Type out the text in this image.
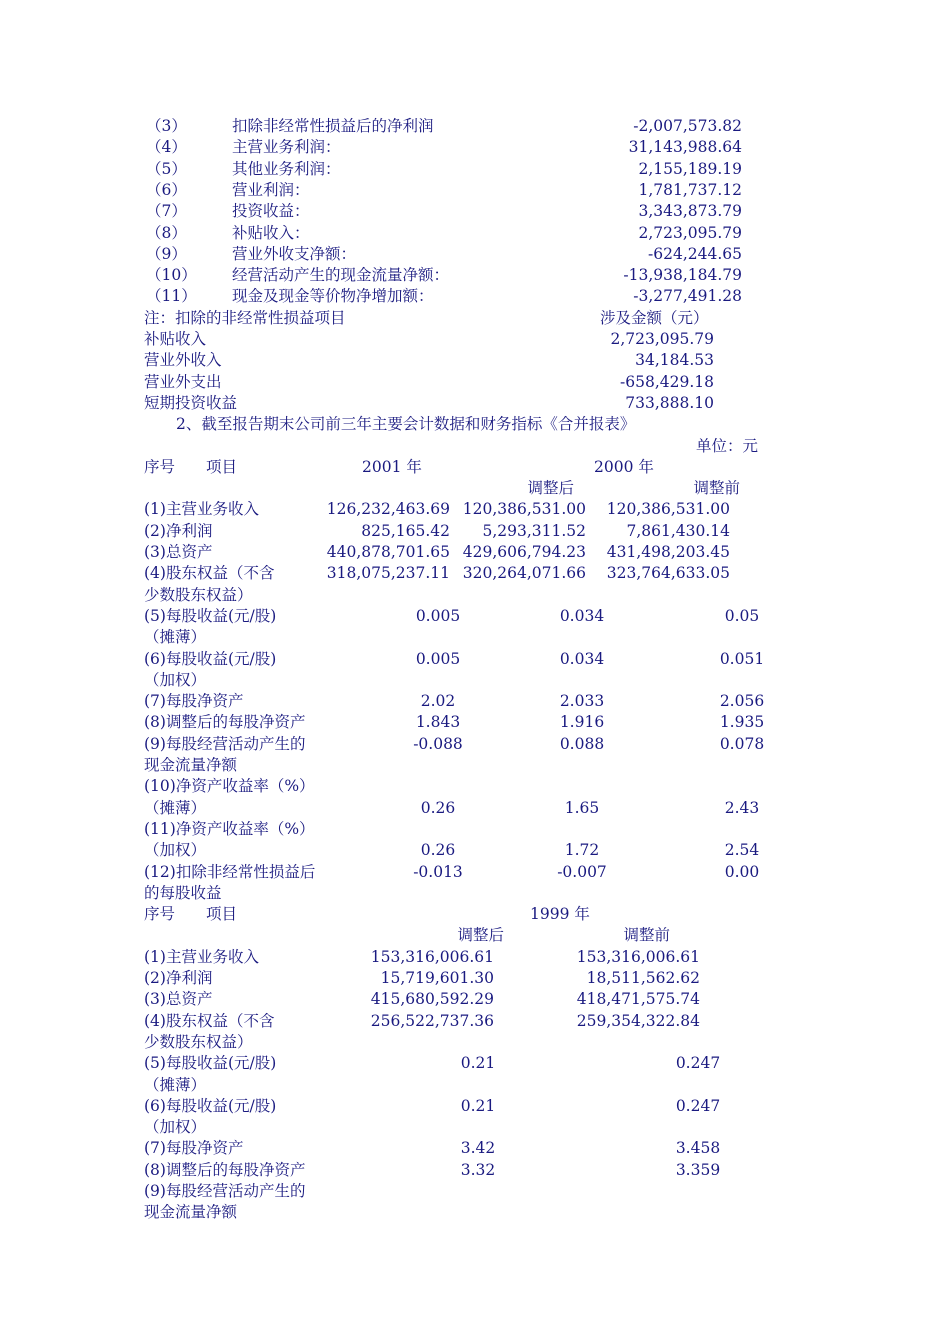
（3）	扣除非经常性损益后的净利润	-2,007,573.82
（4）	主营业务利润：	31,143,988.64
（5）	其他业务利润：	2,155,189.19
（6）	营业利润：	1,781,737.12
（7）	投资收益：	3,343,873.79
（8）	补贴收入：	2,723,095.79
（9）	营业外收支净额：	-624,244.65
（10） 经营活动产生的现金流量净额：	-13,938,184.79
（11） 现金及现金等价物净增加额：	-3,277,491.28
注：扣除的非经常性损益项目	涉及金额（元）
补贴收入	2,723,095.79
营业外收入	34,184.53
营业外支出	-658,429.18
短期投资收益	733,888.10
2、截至报告期末公司前三年主要会计数据和财务指标《合并报表》
单位：元
序号 项目	2001 年	2000 年
调整后	调整前
(1)主营业务收入	126,232,463.69 120,386,531.00	120,386,531.00
(2)净利润	825,165.42	5,293,311.52	7,861,430.14
(3)总资产	440,878,701.65 429,606,794.23	431,498,203.45
(4)股东权益（不含
少数股东权益）
318,075,237.11 320,264,071.66	323,764,633.05
(5)每股收益(元/股)
（摊薄）
0.005	0.034	0.05
(6)每股收益(元/股)
（加权）
0.005	0.034	0.051
(7)每股净资产	2.02	2.033	2.056
(8)调整后的每股净资产	1.843	1.916	1.935
(9)每股经营活动产生的
现金流量净额
-0.088	0.088	0.078
(10)净资产收益率（%）
（摊薄）	0.26	1.65	2.43
(11)净资产收益率（%）
（加权）	0.26	1.72	2.54
(12)扣除非经常性损益后
的每股收益
-0.013	-0.007	0.00
序号 项目	1999 年
调整后	调整前
(1)主营业务收入	153,316,006.61	153,316,006.61
(2)净利润	15,719,601.30	18,511,562.62
(3)总资产	415,680,592.29	418,471,575.74
(4)股东权益（不含
少数股东权益）
256,522,737.36	259,354,322.84
(5)每股收益(元/股)
（摊薄）
0.21	0.247
(6)每股收益(元/股)
（加权）
0.21	0.247
(7)每股净资产	3.42	3.458
(8)调整后的每股净资产	3.32	3.359
(9)每股经营活动产生的
现金流量净额
